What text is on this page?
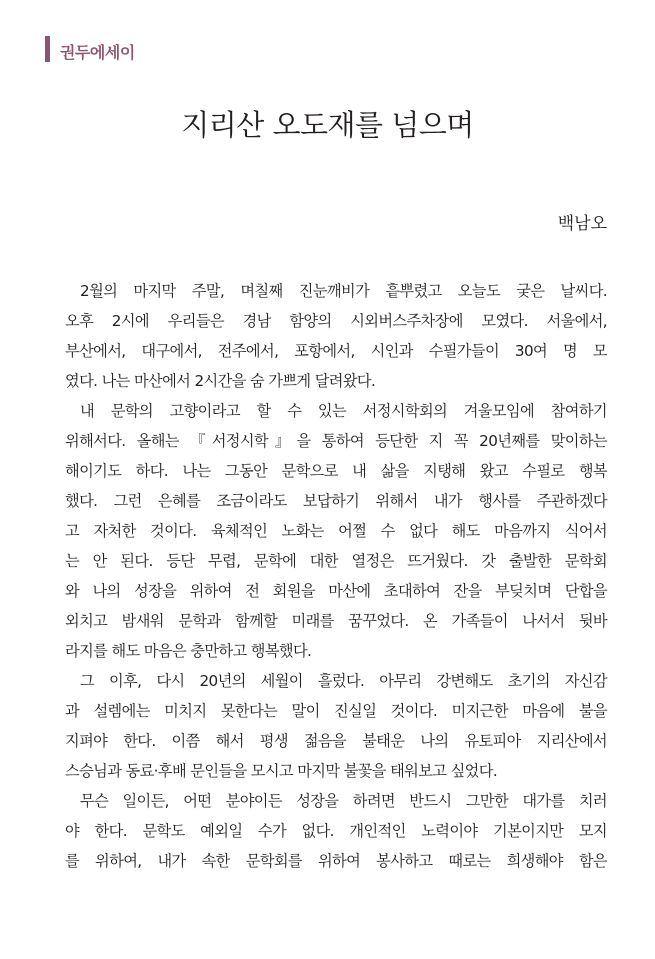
권두에세이
지리산 오도재를 넘으며
백남오
2월의 마지막 주말, 며칠째 진눈깨비가 흩뿌렸고 오늘도 궂은 날씨다.
오후 2시에 우리들은 경남 함양의 시외버스주차장에 모였다. 서울에서,
부산에서, 대구에서, 전주에서, 포항에서, 시인과 수필가들이 30여 명 모
였다. 나는 마산에서 2시간을 숨 가쁘게 달려왔다.
내 문학의 고향이라고 할 수 있는 서정시학회의 겨울모임에 참여하기
위해서다. 올해는 『서정시학』을 통하여 등단한 지 꼭 20년째를 맞이하는
해이기도 하다. 나는 그동안 문학으로 내 삶을 지탱해 왔고 수필로 행복
했다. 그런 은혜를 조금이라도 보답하기 위해서 내가 행사를 주관하겠다
고 자처한 것이다. 육체적인 노화는 어쩔 수 없다 해도 마음까지 식어서
는 안 된다. 등단 무렵, 문학에 대한 열정은 뜨거웠다. 갓 출발한 문학회
와 나의 성장을 위하여 전 회원을 마산에 초대하여 잔을 부딪치며 단합을
외치고 밤새워 문학과 함께할 미래를 꿈꾸었다. 온 가족들이 나서서 뒷바
라지를 해도 마음은 충만하고 행복했다.
그 이후, 다시 20년의 세월이 흘렀다. 아무리 강변해도 초기의 자신감
과 설렘에는 미치지 못한다는 말이 진실일 것이다. 미지근한 마음에 불을
지펴야 한다. 이쯤 해서 평생 젊음을 불태운 나의 유토피아 지리산에서
스승님과 동료·후배 문인들을 모시고 마지막 불꽃을 태워보고 싶었다.
무슨 일이든, 어떤 분야이든 성장을 하려면 반드시 그만한 대가를 치러
야 한다. 문학도 예외일 수가 없다. 개인적인 노력이야 기본이지만 모지
를 위하여, 내가 속한 문학회를 위하여 봉사하고 때로는 희생해야 함은
